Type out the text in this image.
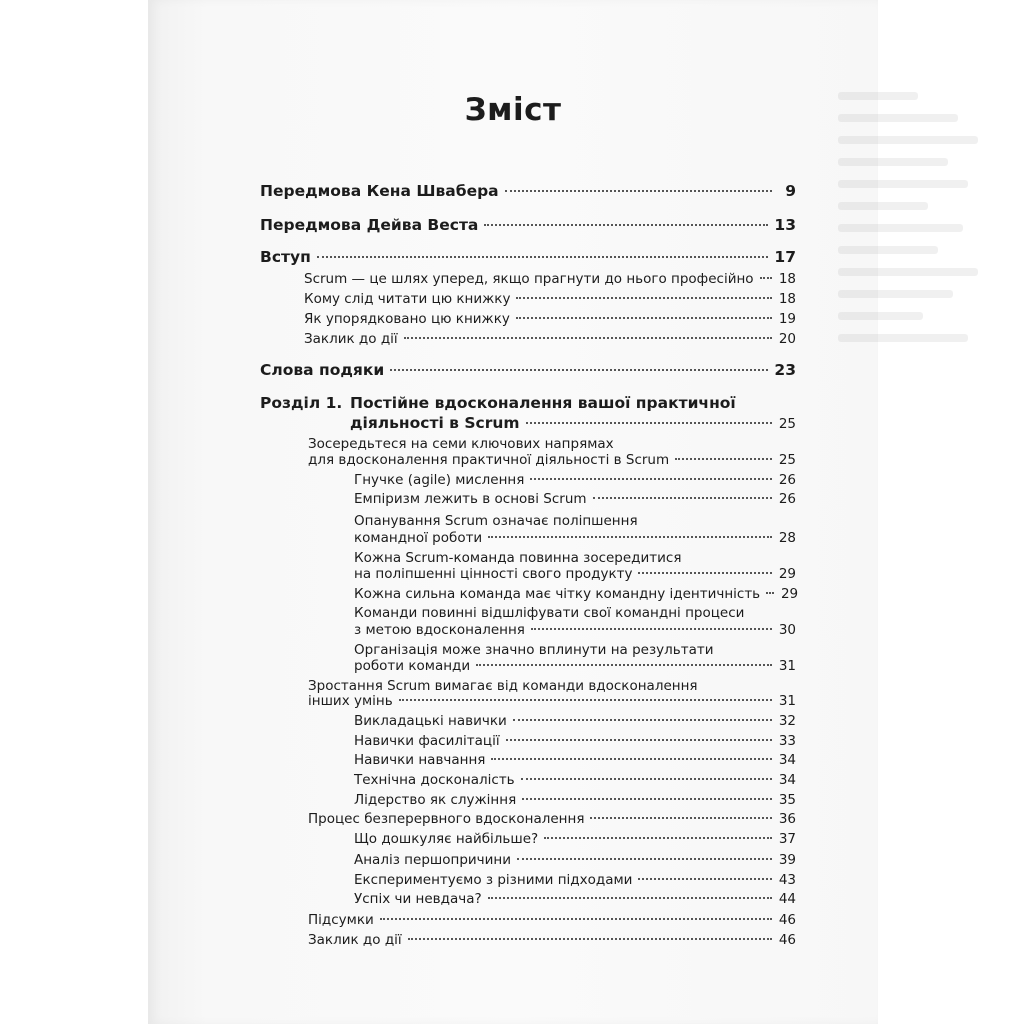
Зміст
Передмова Кена Швабера	9
Передмова Дейва Веста	13
Вступ	17
Scrum — це шлях уперед, якщо прагнути до нього професійно 18
Кому слід читати цю книжку	18
Як упорядковано цю книжку	19
Заклик до дії	20
Слова подяки	23
Розділ 1. Постійне вдосконалення вашої практичної
діяльності в Scrum	25
Зосередьтеся на семи ключових напрямах
для вдосконалення практичної діяльності в Scrum	25
Гнучке (agile) мислення	26
Емпіризм лежить в основі Scrum	26
Опанування Scrum означає поліпшення
командної роботи	28
Кожна Scrum-команда повинна зосередитися
на поліпшенні цінності свого продукту	29
Кожна сильна команда має чітку командну ідентичність 29
Команди повинні відшліфувати свої командні процеси
з метою вдосконалення	30
Організація може значно вплинути на результати
роботи команди	31
Зростання Scrum вимагає від команди вдосконалення
інших умінь	31
Викладацькі навички	32
Навички фасилітації	33
Навички навчання	34
Технічна досконалість	34
Лідерство як служіння	35
Процес безперервного вдосконалення	36
Що дошкуляє найбільше?	37
Аналіз першопричини	39
Експериментуємо з різними підходами	43
Успіх чи невдача?	44
Підсумки	46
Заклик до дії	46
